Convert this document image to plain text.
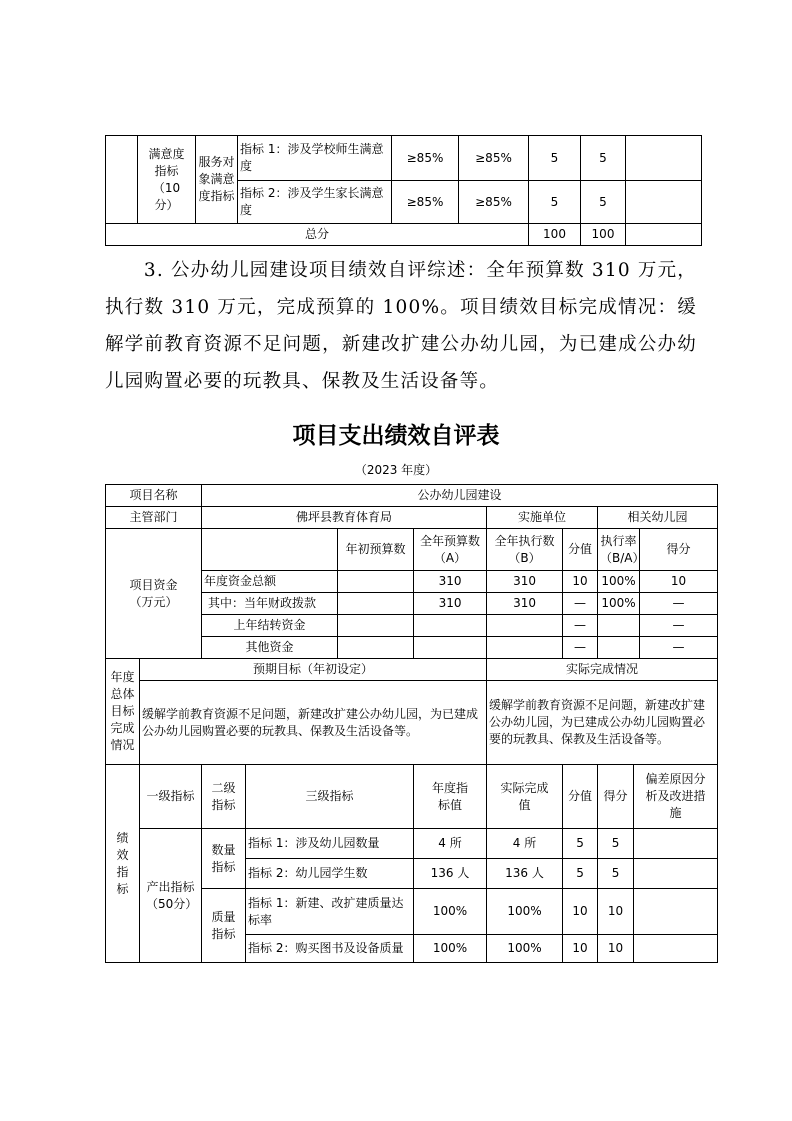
	满意度指标（10分）	服务对象满意度指标	指标 1：涉及学校师生满意度	≥85%	≥85%	5	5	
			指标 2：涉及学生家长满意度	≥85%	≥85%	5	5	
总分						100	100	
3. 公办幼儿园建设项目绩效自评综述：全年预算数 310 万元，执行数 310 万元，完成预算的 100%。项目绩效目标完成情况：缓解学前教育资源不足问题，新建改扩建公办幼儿园，为已建成公办幼儿园购置必要的玩教具、保教及生活设备等。
项目支出绩效自评表
（2023 年度）
项目名称		公办幼儿园建设								
主管部门		佛坪县教育体育局				实施单位		相关幼儿园		
项目资金（万元）				年初预算数	全年预算数（A）	全年执行数（B）	分值	执行率（B/A）		得分
		年度资金总额			310	310	10	100%		10
		其中：当年财政拨款			310	310	—	100%		—
		上年结转资金					—			—
		其他资金					—			—
年度总体目标完成情况	预期目标（年初设定）					实际完成情况				
	缓解学前教育资源不足问题，新建改扩建公办幼儿园，为已建成公办幼儿园购置必要的玩教具、保教及生活设备等。					缓解学前教育资源不足问题，新建改扩建公办幼儿园，为已建成公办幼儿园购置必要的玩教具、保教及生活设备等。				
绩效指标	一级指标	二级指标	三级指标		年度指标值	实际完成值	分值	得分	偏差原因分析及改进措施	
	产出指标（50分）	数量指标	指标 1：涉及幼儿园数量		4 所	4 所	5	5		
			指标 2：幼儿园学生数		136 人	136 人	5	5		
		质量指标	指标 1：新建、改扩建质量达标率		100%	100%	10	10		
			指标 2：购买图书及设备质量		100%	100%	10	10		
